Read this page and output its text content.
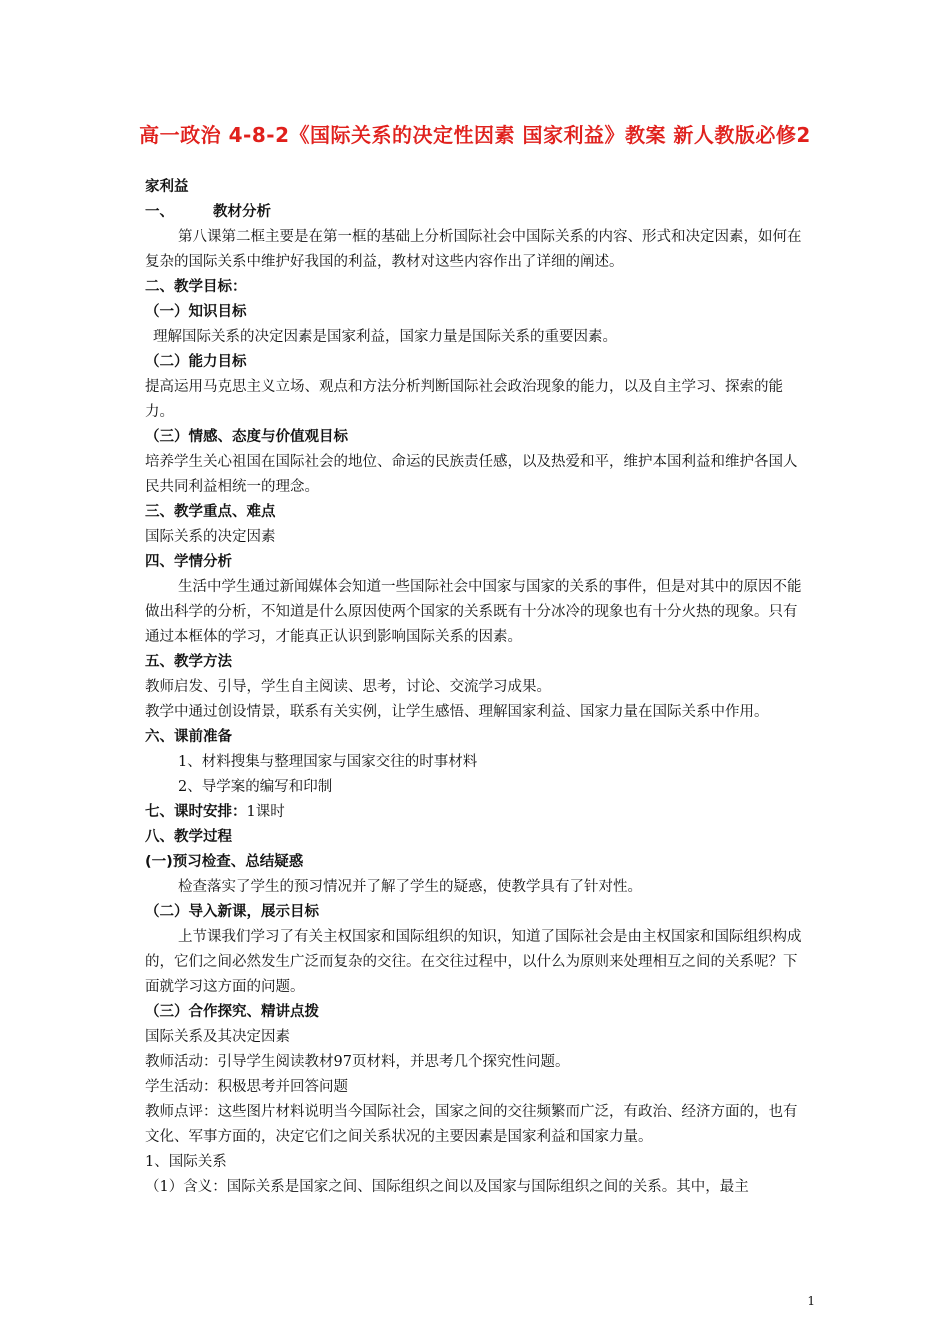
高一政治 4-8-2《国际关系的决定性因素 国家利益》教案 新人教版必修2

家利益

一、	教材分析

第八课第二框主要是在第一框的基础上分析国际社会中国际关系的内容、形式和决定因素，如何在复杂的国际关系中维护好我国的利益，教材对这些内容作出了详细的阐述。

二、教学目标：

（一）知识目标

理解国际关系的决定因素是国家利益，国家力量是国际关系的重要因素。

（二）能力目标

提高运用马克思主义立场、观点和方法分析判断国际社会政治现象的能力，以及自主学习、探索的能力。

（三）情感、态度与价值观目标

培养学生关心祖国在国际社会的地位、命运的民族责任感，以及热爱和平，维护本国利益和维护各国人民共同利益相统一的理念。

三、教学重点、难点

国际关系的决定因素

四、学情分析

生活中学生通过新闻媒体会知道一些国际社会中国家与国家的关系的事件，但是对其中的原因不能做出科学的分析，不知道是什么原因使两个国家的关系既有十分冰冷的现象也有十分火热的现象。只有通过本框体的学习，才能真正认识到影响国际关系的因素。

五、教学方法

教师启发、引导，学生自主阅读、思考，讨论、交流学习成果。

教学中通过创设情景，联系有关实例，让学生感悟、理解国家利益、国家力量在国际关系中作用。

六、课前准备

1、材料搜集与整理国家与国家交往的时事材料

2、导学案的编写和印制

七、课时安排：1课时

八、教学过程

(一)预习检查、总结疑惑

检查落实了学生的预习情况并了解了学生的疑惑，使教学具有了针对性。

（二）导入新课，展示目标

上节课我们学习了有关主权国家和国际组织的知识，知道了国际社会是由主权国家和国际组织构成的，它们之间必然发生广泛而复杂的交往。在交往过程中，以什么为原则来处理相互之间的关系呢？下面就学习这方面的问题。

（三）合作探究、精讲点拨

国际关系及其决定因素

教师活动：引导学生阅读教材97页材料，并思考几个探究性问题。

学生活动：积极思考并回答问题

教师点评：这些图片材料说明当今国际社会，国家之间的交往频繁而广泛，有政治、经济方面的，也有文化、军事方面的，决定它们之间关系状况的主要因素是国家利益和国家力量。

1、国际关系

（1）含义：国际关系是国家之间、国际组织之间以及国家与国际组织之间的关系。其中，最主

1
